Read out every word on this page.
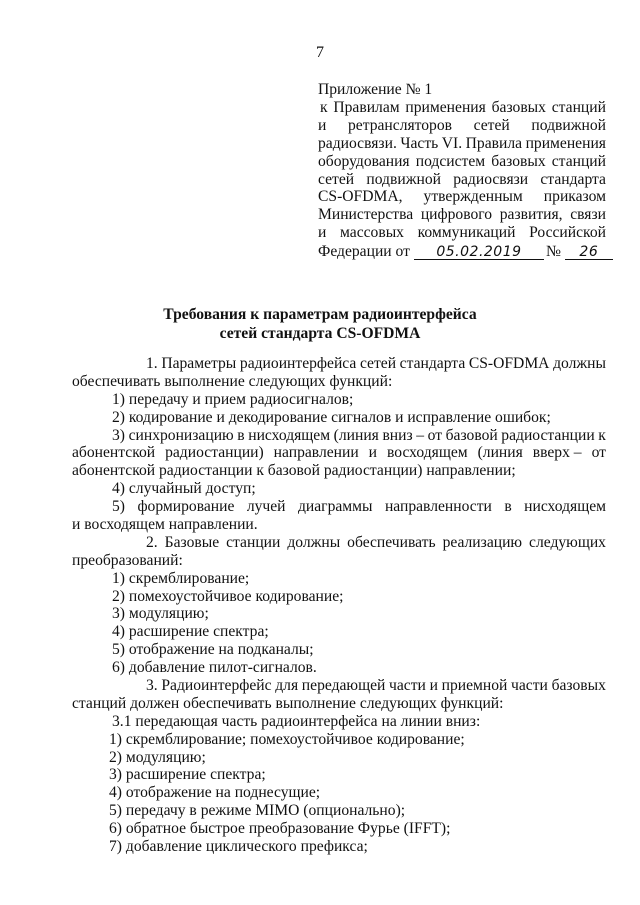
7
Приложение № 1
к Правилам применения базовых станций
и ретрансляторов сетей подвижной
радиосвязи. Часть VI. Правила применения
оборудования подсистем базовых станций
сетей подвижной радиосвязи стандарта
CS-OFDMA, утвержденным приказом
Министерства цифрового развития, связи
и массовых коммуникаций Российской
Федерации от 05.02.2019 № 26
Требования к параметрам радиоинтерфейса
сетей стандарта CS-OFDMA
1. Параметры радиоинтерфейса сетей стандарта CS-OFDMA должны
обеспечивать выполнение следующих функций:
1) передачу и прием радиосигналов;
2) кодирование и декодирование сигналов и исправление ошибок;
3) синхронизацию в нисходящем (линия вниз – от базовой радиостанции к
абонентской радиостанции) направлении и восходящем (линия вверх – от
абонентской радиостанции к базовой радиостанции) направлении;
4) случайный доступ;
5) формирование лучей диаграммы направленности в нисходящем
и восходящем направлении.
2. Базовые станции должны обеспечивать реализацию следующих
преобразований:
1) скремблирование;
2) помехоустойчивое кодирование;
3) модуляцию;
4) расширение спектра;
5) отображение на подканалы;
6) добавление пилот-сигналов.
3. Радиоинтерфейс для передающей части и приемной части базовых
станций должен обеспечивать выполнение следующих функций:
3.1 передающая часть радиоинтерфейса на линии вниз:
1) скремблирование; помехоустойчивое кодирование;
2) модуляцию;
3) расширение спектра;
4) отображение на поднесущие;
5) передачу в режиме MIMO (опционально);
6) обратное быстрое преобразование Фурье (IFFT);
7) добавление циклического префикса;
